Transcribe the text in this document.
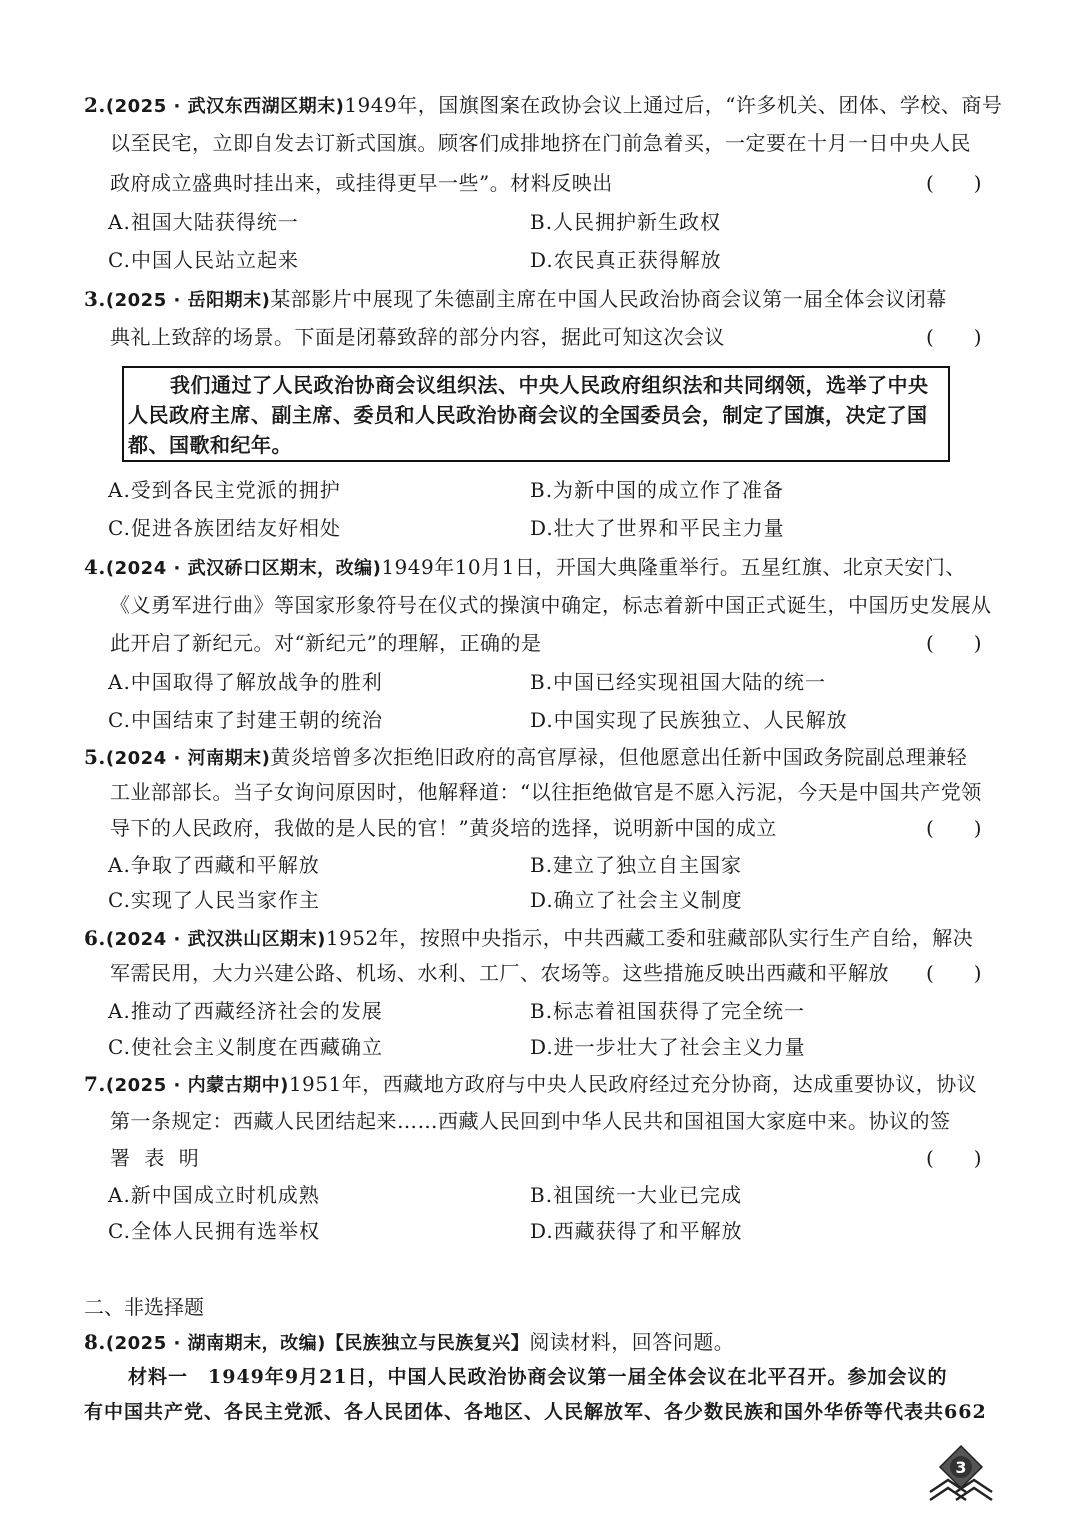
2.(2025 · 武汉东西湖区期末)1949年，国旗图案在政协会议上通过后，“许多机关、团体、学校、商号
以至民宅，立即自发去订新式国旗。顾客们成排地挤在门前急着买，一定要在十月一日中央人民
政府成立盛典时挂出来，或挂得更早一些”。材料反映出	(　　)
A.祖国大陆获得统一	B.人民拥护新生政权
C.中国人民站立起来	D.农民真正获得解放
3.(2025 · 岳阳期末)某部影片中展现了朱德副主席在中国人民政治协商会议第一届全体会议闭幕
典礼上致辞的场景。下面是闭幕致辞的部分内容，据此可知这次会议	(　　)
我们通过了人民政治协商会议组织法、中央人民政府组织法和共同纲领，选举了中央
人民政府主席、副主席、委员和人民政治协商会议的全国委员会，制定了国旗，决定了国
都、国歌和纪年。
A.受到各民主党派的拥护	B.为新中国的成立作了准备
C.促进各族团结友好相处	D.壮大了世界和平民主力量
4.(2024 · 武汉硚口区期末，改编)1949年10月1日，开国大典隆重举行。五星红旗、北京天安门、
《义勇军进行曲》等国家形象符号在仪式的操演中确定，标志着新中国正式诞生，中国历史发展从
此开启了新纪元。对“新纪元”的理解，正确的是	(　　)
A.中国取得了解放战争的胜利	B.中国已经实现祖国大陆的统一
C.中国结束了封建王朝的统治	D.中国实现了民族独立、人民解放
5.(2024 · 河南期末)黄炎培曾多次拒绝旧政府的高官厚禄，但他愿意出任新中国政务院副总理兼轻
工业部部长。当子女询问原因时，他解释道：“以往拒绝做官是不愿入污泥，今天是中国共产党领
导下的人民政府，我做的是人民的官！”黄炎培的选择，说明新中国的成立	(　　)
A.争取了西藏和平解放	B.建立了独立自主国家
C.实现了人民当家作主	D.确立了社会主义制度
6.(2024 · 武汉洪山区期末)1952年，按照中央指示，中共西藏工委和驻藏部队实行生产自给，解决
军需民用，大力兴建公路、机场、水利、工厂、农场等。这些措施反映出西藏和平解放 (　　)
A.推动了西藏经济社会的发展	B.标志着祖国获得了完全统一
C.使社会主义制度在西藏确立	D.进一步壮大了社会主义力量
7.(2025 · 内蒙古期中)1951年，西藏地方政府与中央人民政府经过充分协商，达成重要协议，协议
第一条规定：西藏人民团结起来……西藏人民回到中华人民共和国祖国大家庭中来。协议的签
署 表 明	(　　)
A.新中国成立时机成熟	B.祖国统一大业已完成
C.全体人民拥有选举权	D.西藏获得了和平解放
二、非选择题
8.(2025 · 湖南期末，改编)【民族独立与民族复兴】阅读材料，回答问题。
材料一　1949年9月21日，中国人民政治协商会议第一届全体会议在北平召开。参加会议的
有中国共产党、各民主党派、各人民团体、各地区、人民解放军、各少数民族和国外华侨等代表共662
3
